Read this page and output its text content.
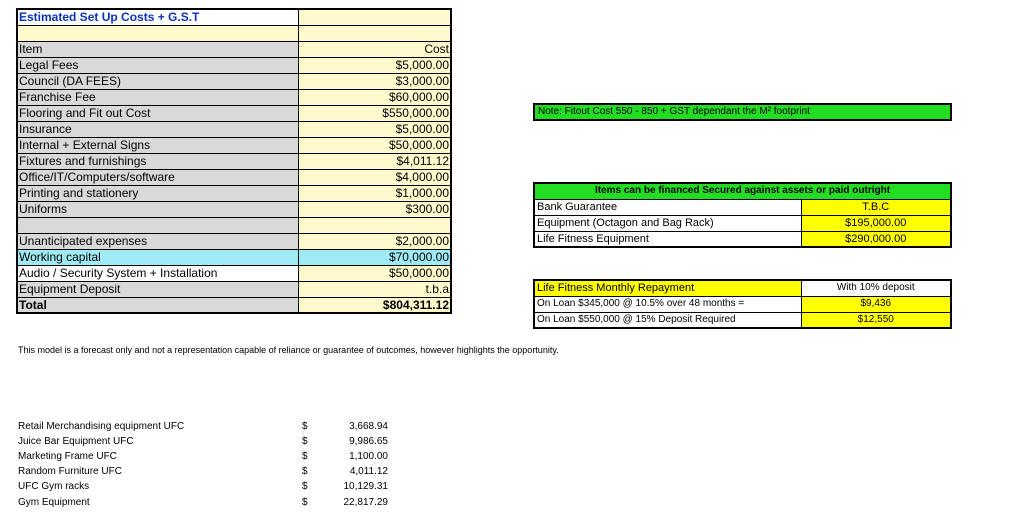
Estimated Set Up Costs + G.S.T	

Item	Cost
Legal Fees	$5,000.00
Council (DA FEES)	$3,000.00
Franchise Fee	$60,000.00
Flooring and Fit out Cost	$550,000.00
Insurance	$5,000.00
Internal + External Signs	$50,000.00
Fixtures and furnishings	$4,011.12
Office/IT/Computers/software	$4,000.00
Printing and stationery	$1,000.00
Uniforms	$300.00

Unanticipated expenses	$2,000.00
Working capital	$70,000.00
Audio / Security System + Installation	$50,000.00
Equipment Deposit	t.b.a
Total	$804,311.12
Note: Fitout Cost 550 - 850 + GST dependant the M² footprint
Items can be financed Secured against assets or paid outright	
Bank Guarantee	T.B.C
Equipment (Octagon and Bag Rack)	$195,000.00
Life Fitness Equipment	$290,000.00
Life Fitness Monthly Repayment	With 10% deposit
On Loan $345,000 @ 10.5% over 48 months =	$9,436
On Loan $550,000 @ 15% Deposit Required	$12,550
This model is a forecast only and not a representation capable of reliance or guarantee of outcomes, however highlights the opportunity.
Retail Merchandising equipment UFC	$	3,668.94
Juice Bar Equipment UFC	$	9,986.65
Marketing Frame UFC	$	1,100.00
Random Furniture UFC	$	4,011.12
UFC Gym racks	$	10,129.31
Gym Equipment	$	22,817.29
